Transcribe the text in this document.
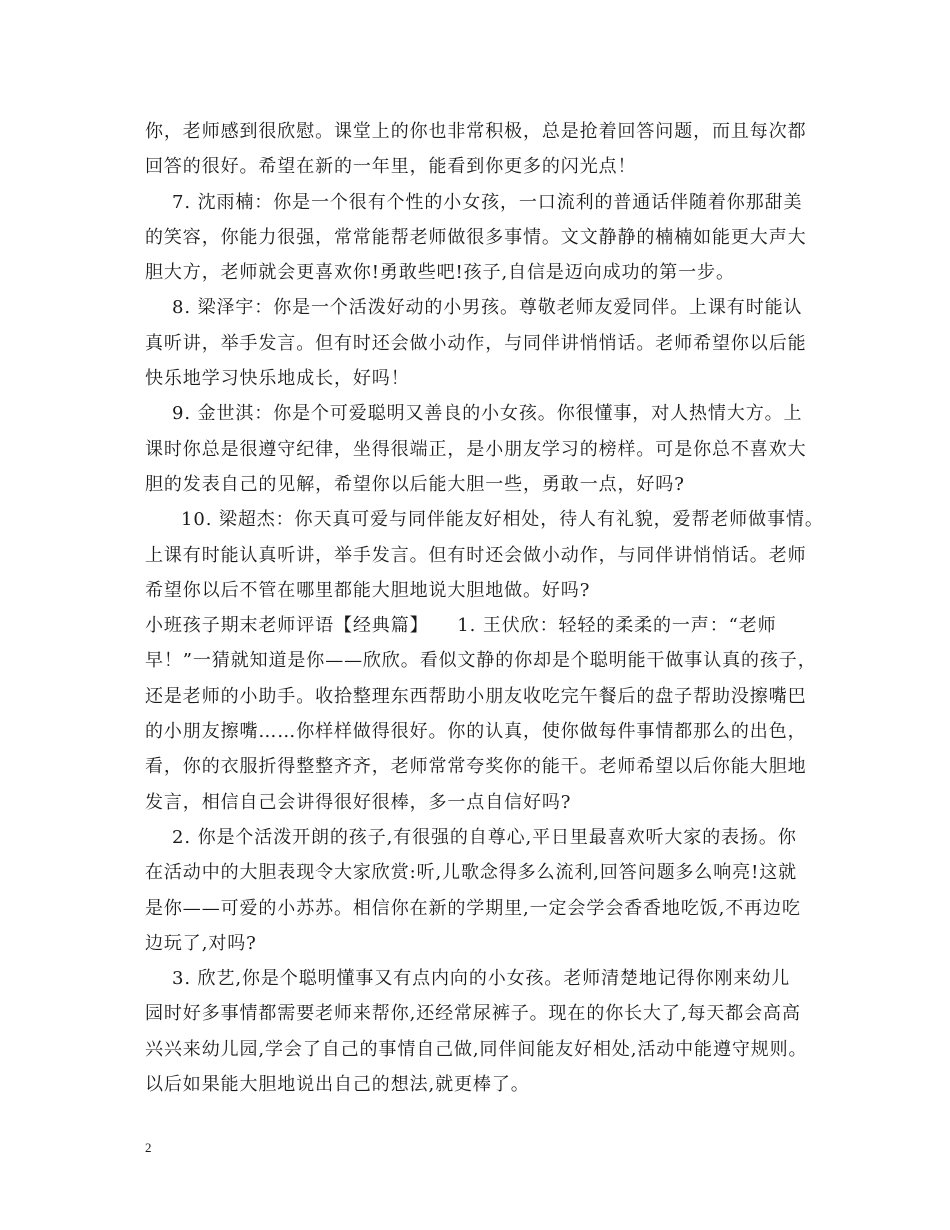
你，老师感到很欣慰。课堂上的你也非常积极，总是抢着回答问题，而且每次都
回答的很好。希望在新的一年里，能看到你更多的闪光点！
7. 沈雨楠：你是一个很有个性的小女孩，一口流利的普通话伴随着你那甜美
的笑容，你能力很强，常常能帮老师做很多事情。文文静静的楠楠如能更大声大
胆大方，老师就会更喜欢你!勇敢些吧!孩子,自信是迈向成功的第一步。
8. 梁泽宇：你是一个活泼好动的小男孩。尊敬老师友爱同伴。上课有时能认
真听讲，举手发言。但有时还会做小动作，与同伴讲悄悄话。老师希望你以后能
快乐地学习快乐地成长，好吗！
9. 金世淇：你是个可爱聪明又善良的小女孩。你很懂事，对人热情大方。上
课时你总是很遵守纪律，坐得很端正，是小朋友学习的榜样。可是你总不喜欢大
胆的发表自己的见解，希望你以后能大胆一些，勇敢一点，好吗?
10. 梁超杰：你天真可爱与同伴能友好相处，待人有礼貌，爱帮老师做事情。
上课有时能认真听讲，举手发言。但有时还会做小动作，与同伴讲悄悄话。老师
希望你以后不管在哪里都能大胆地说大胆地做。好吗?
小班孩子期末老师评语【经典篇】　　1. 王伏欣：轻轻的柔柔的一声：“老师
早！”一猜就知道是你——欣欣。看似文静的你却是个聪明能干做事认真的孩子，
还是老师的小助手。收拾整理东西帮助小朋友收吃完午餐后的盘子帮助没擦嘴巴
的小朋友擦嘴……你样样做得很好。你的认真，使你做每件事情都那么的出色，
看，你的衣服折得整整齐齐，老师常常夸奖你的能干。老师希望以后你能大胆地
发言，相信自己会讲得很好很棒，多一点自信好吗?
2. 你是个活泼开朗的孩子,有很强的自尊心,平日里最喜欢听大家的表扬。你
在活动中的大胆表现令大家欣赏:听,儿歌念得多么流利,回答问题多么响亮!这就
是你——可爱的小苏苏。相信你在新的学期里,一定会学会香香地吃饭,不再边吃
边玩了,对吗?
3. 欣艺,你是个聪明懂事又有点内向的小女孩。老师清楚地记得你刚来幼儿
园时好多事情都需要老师来帮你,还经常尿裤子。现在的你长大了,每天都会高高
兴兴来幼儿园,学会了自己的事情自己做,同伴间能友好相处,活动中能遵守规则。
以后如果能大胆地说出自己的想法,就更棒了。
2
